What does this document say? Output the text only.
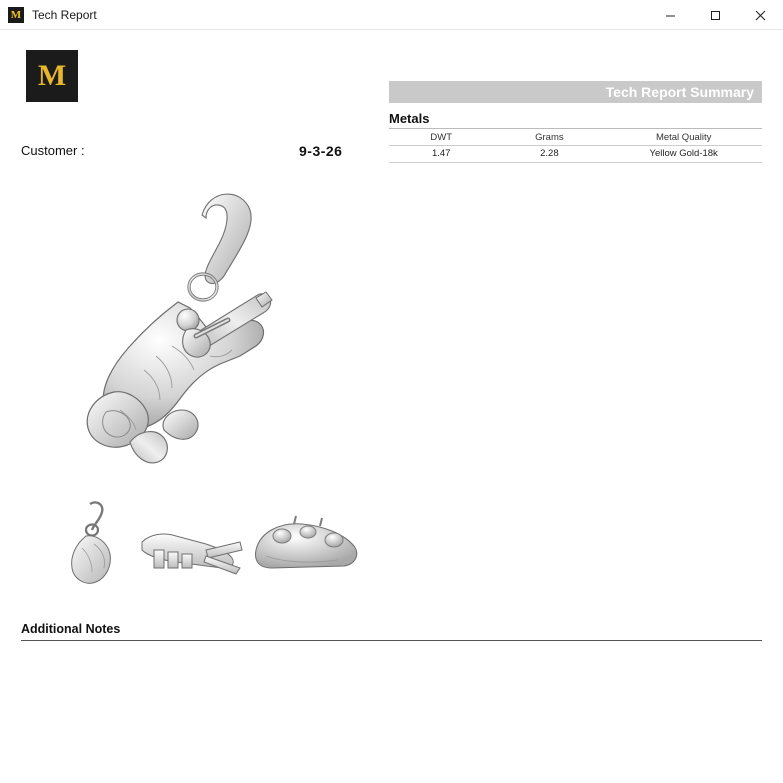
M Tech Report
M
Customer :	9-3-26
Tech Report Summary
Metals
DWT	Grams	Metal Quality
1.47	2.28	Yellow Gold-18k
Additional Notes
